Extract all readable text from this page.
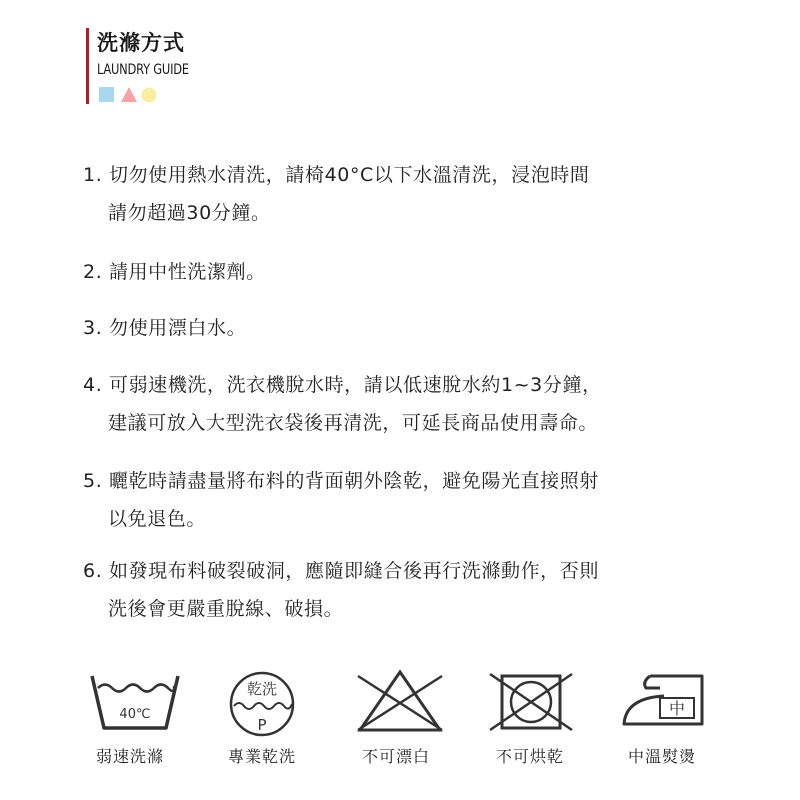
洗滌方式
LAUNDRY GUIDE
1. 切勿使用熱水清洗，請椅40°C以下水溫清洗，浸泡時間
請勿超過30分鐘。
2. 請用中性洗潔劑。
3. 勿使用漂白水。
4. 可弱速機洗，洗衣機脫水時，請以低速脫水約1~3分鐘，
建議可放入大型洗衣袋後再清洗，可延長商品使用壽命。
5. 曬乾時請盡量將布料的背面朝外陰乾，避免陽光直接照射
以免退色。
6. 如發現布料破裂破洞，應隨即縫合後再行洗滌動作，否則
洗後會更嚴重脫線、破損。
40℃
弱速洗滌
乾洗
P
專業乾洗	不可漂白	不可烘乾
中
中溫熨燙
